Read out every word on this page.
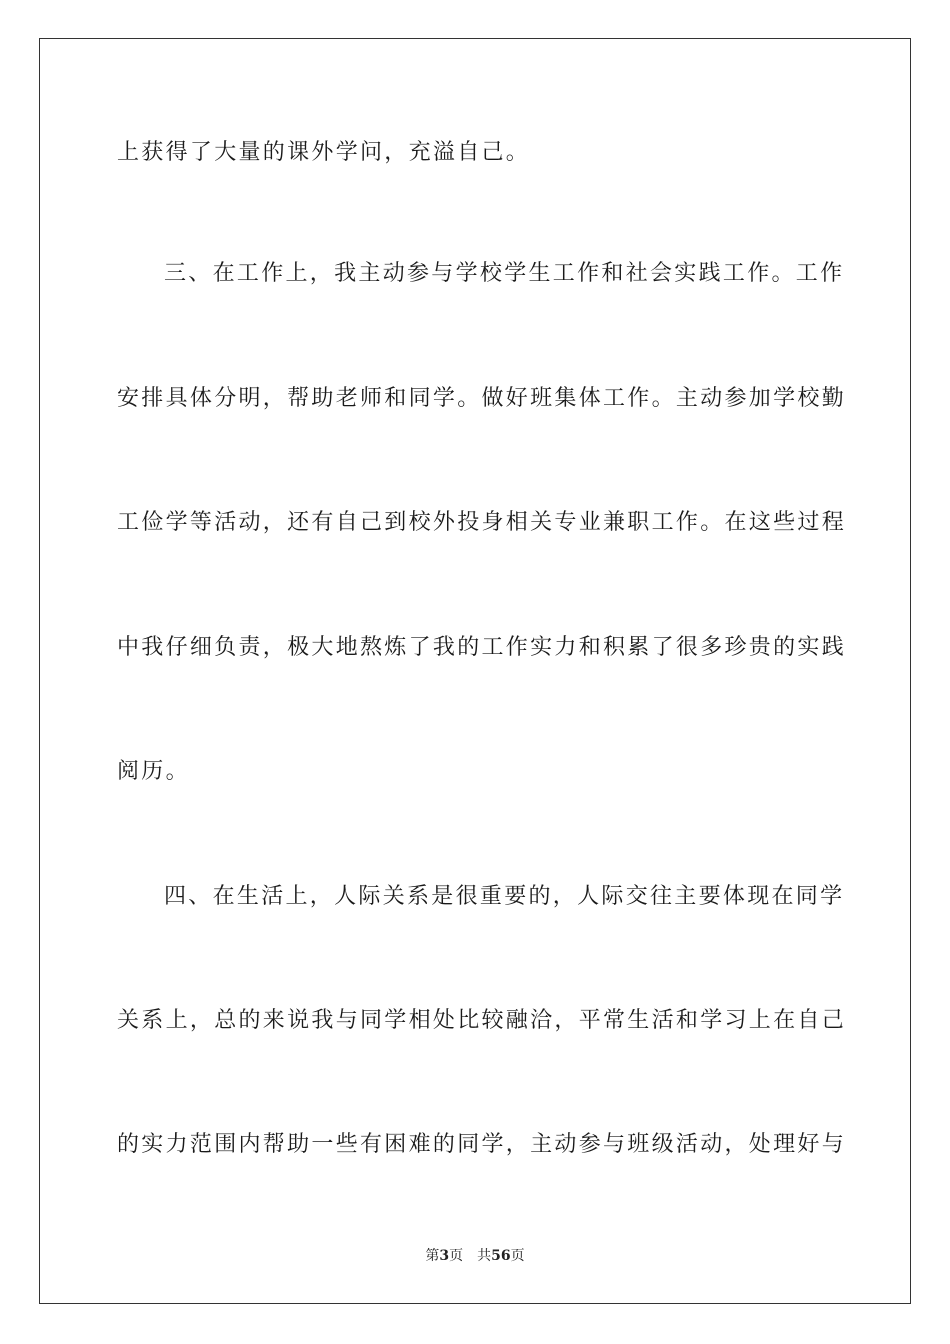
上获得了大量的课外学问，充溢自己。
三、在工作上，我主动参与学校学生工作和社会实践工作。工作
安排具体分明，帮助老师和同学。做好班集体工作。主动参加学校勤
工俭学等活动，还有自己到校外投身相关专业兼职工作。在这些过程
中我仔细负责，极大地熬炼了我的工作实力和积累了很多珍贵的实践
阅历。
四、在生活上，人际关系是很重要的，人际交往主要体现在同学
关系上，总的来说我与同学相处比较融洽，平常生活和学习上在自己
的实力范围内帮助一些有困难的同学，主动参与班级活动，处理好与
第3页 共56页
